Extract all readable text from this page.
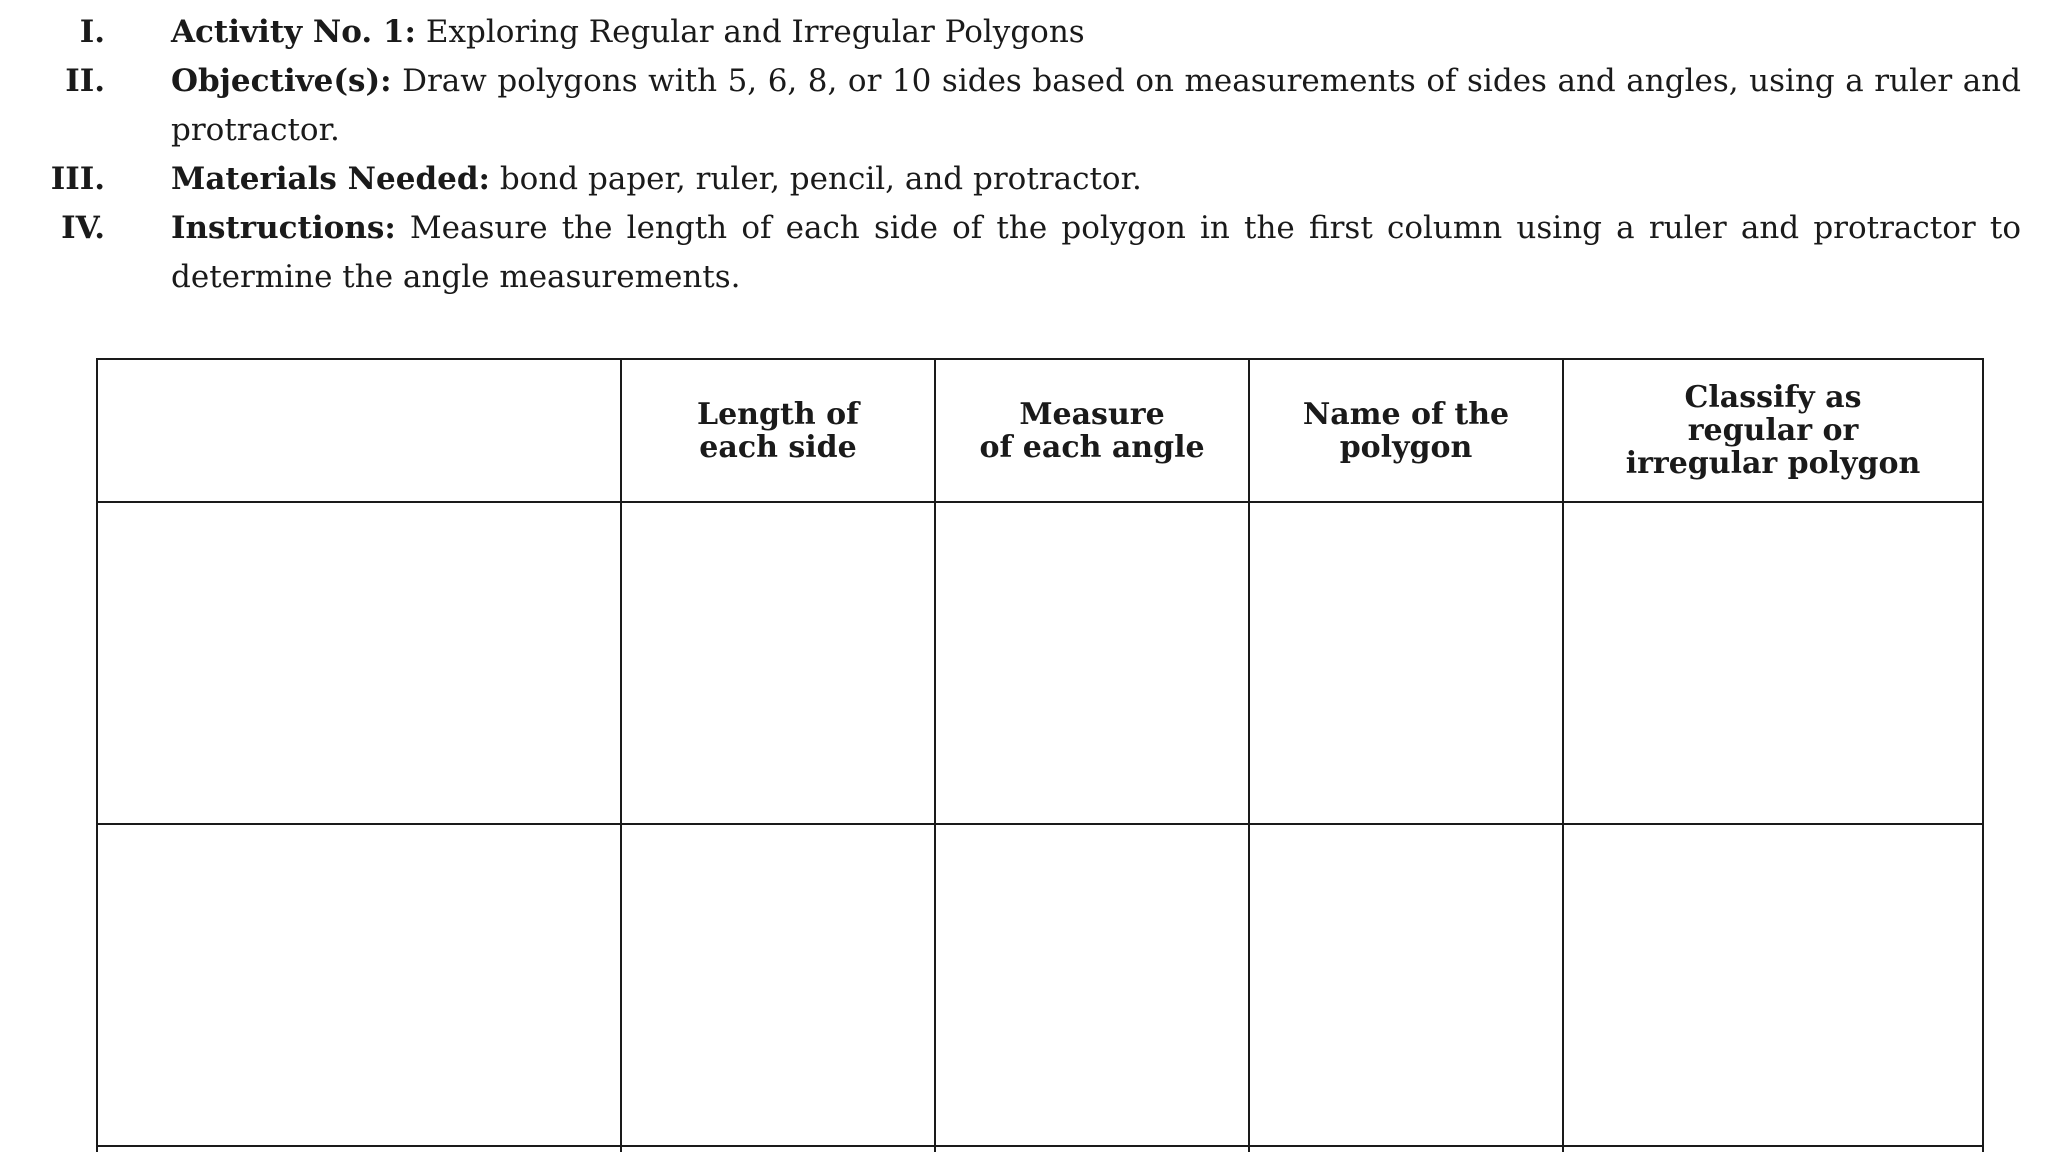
I. Activity No. 1: Exploring Regular and Irregular Polygons
II. Objective(s): Draw polygons with 5, 6, 8, or 10 sides based on measurements of sides and angles, using a ruler and protractor.
III. Materials Needed: bond paper, ruler, pencil, and protractor.
IV. Instructions: Measure the length of each side of the polygon in the first column using a ruler and protractor to determine the angle measurements.

	Length of
each side	Measure
of each angle	Name of the
polygon	Classify as
regular or
irregular polygon
